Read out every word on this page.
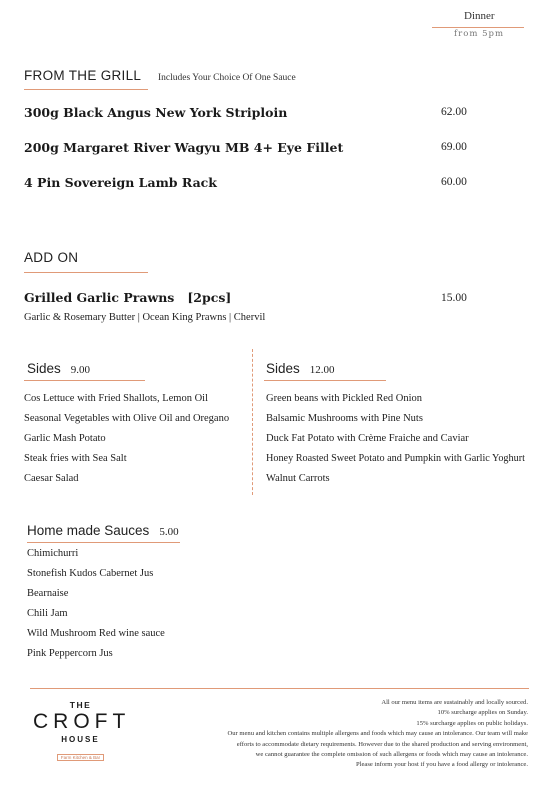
Dinner
from 5pm
FROM THE GRILL Includes Your Choice Of One Sauce
300g Black Angus New York Striploin	62.00
200g Margaret River Wagyu MB 4+ Eye Fillet	69.00
4 Pin Sovereign Lamb Rack	60.00
ADD ON
Grilled Garlic Prawns   [2pcs]	15.00
Garlic & Rosemary Butter | Ocean King Prawns | Chervil
Sides 9.00
Cos Lettuce with Fried Shallots, Lemon Oil
Seasonal Vegetables with Olive Oil and Oregano
Garlic Mash Potato
Steak fries with Sea Salt
Caesar Salad
Sides 12.00
Green beans with Pickled Red Onion
Balsamic Mushrooms with Pine Nuts
Duck Fat Potato with Crème Fraiche and Caviar
Honey Roasted Sweet Potato and Pumpkin with Garlic Yoghurt
Walnut Carrots
Home made Sauces 5.00
Chimichurri
Stonefish Kudos Cabernet Jus
Bearnaise
Chili Jam
Wild Mushroom Red wine sauce
Pink Peppercorn Jus
THE
CROFT
HOUSE
Farm Kitchen & Bar
All our menu items are sustainably and locally sourced.
10% surcharge applies on Sunday.
15% surcharge applies on public holidays.
Our menu and kitchen contains multiple allergens and foods which may cause an intolerance. Our team will make
efforts to accommodate dietary requirements. However due to the shared production and serving environment,
we cannot guarantee the complete omission of such allergens or foods which may cause an intolerance.
Please inform your host if you have a food allergy or intolerance.
